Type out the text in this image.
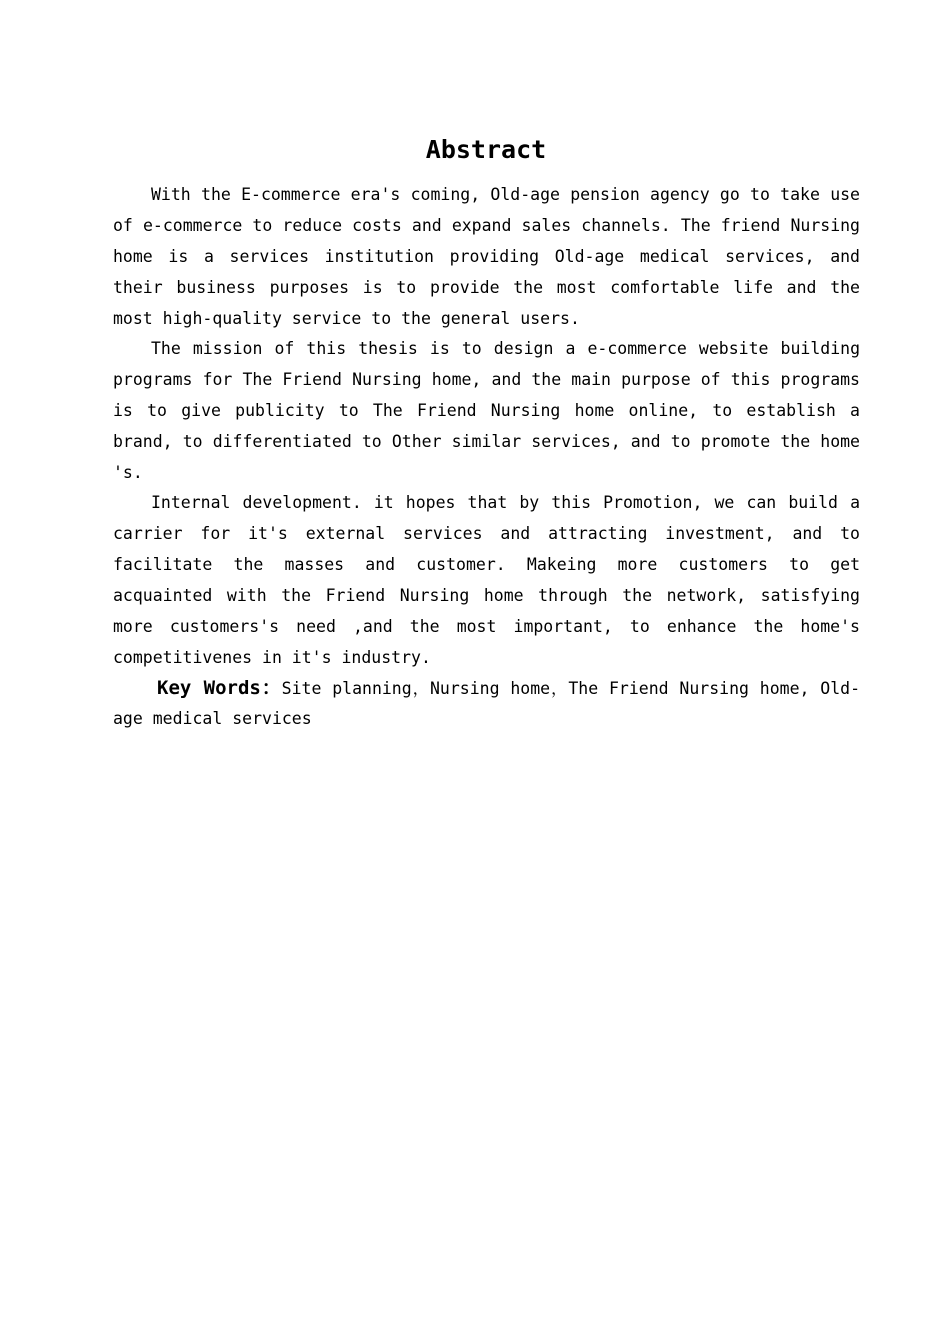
Abstract

With the E-commerce era's coming, Old-age pension agency go to take use of e-commerce to reduce costs and expand sales channels. The friend Nursing home is a services institution providing Old-age medical services, and their business purposes is to provide the most comfortable life and the most high-quality service to the general users.

The mission of this thesis is to design a e-commerce website building programs for The Friend Nursing home, and the main purpose of this programs is to give publicity to The Friend Nursing home online, to establish a brand, to differentiated to Other similar services, and to promote the home 's.

Internal development. it hopes that by this Promotion, we can build a carrier for it's external services and attracting investment, and to facilitate the masses and customer. Makeing more customers to get acquainted with the Friend Nursing home through the network, satisfying more customers's need ,and the most important, to enhance the home's competitivenes in it's industry.

Key Words：Site planning，Nursing home，The Friend Nursing home, Old-age medical services
